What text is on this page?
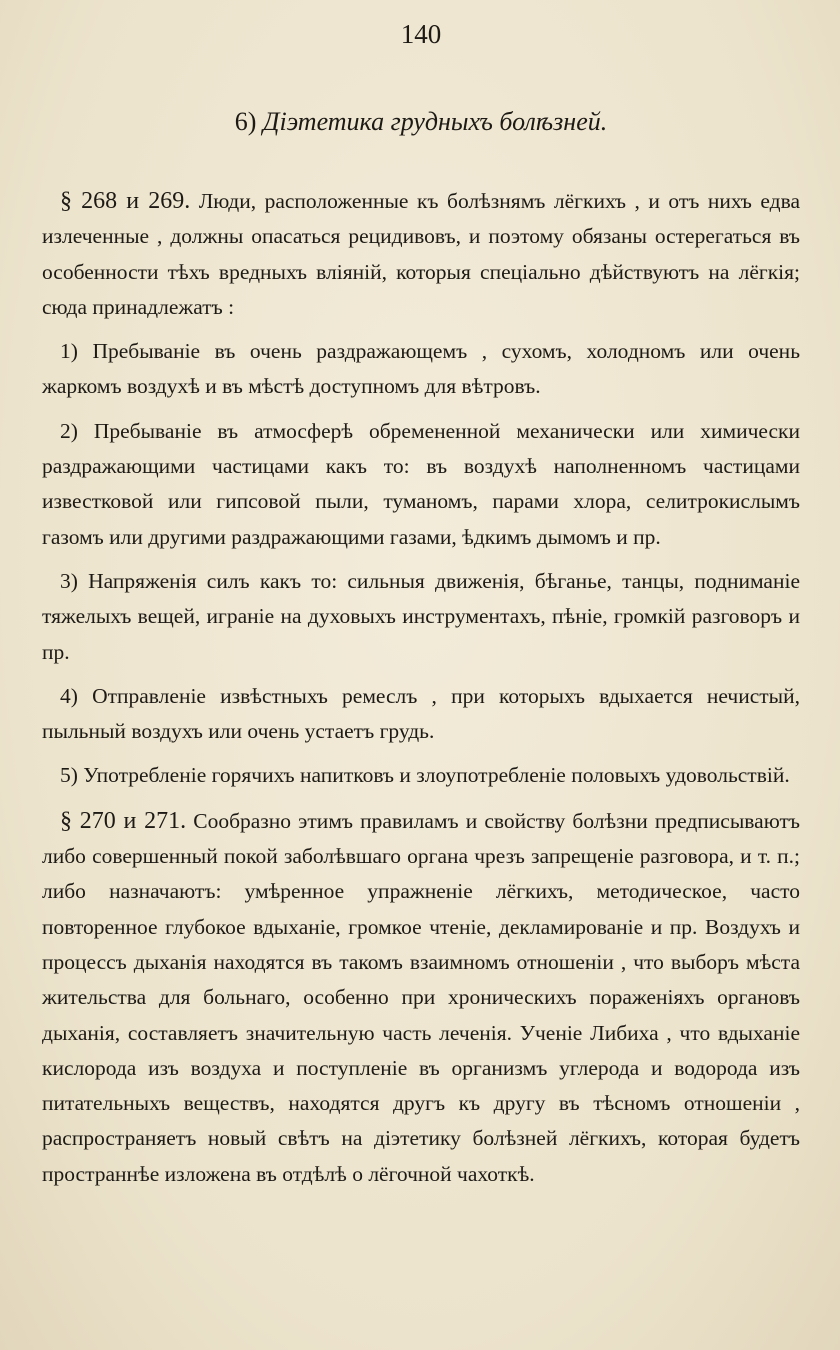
140
6) Діэтетика грудныхъ болѣзней.

§ 268 и 269. Люди, расположенные къ болѣзнямъ лёгкихъ , и отъ нихъ едва излеченные , должны опасаться рецидивовъ, и поэтому обязаны остерегаться въ особенности тѣхъ вредныхъ вліяній, которыя спеціально дѣйствуютъ на лёгкія; сюда принадлежатъ :

1) Пребываніе въ очень раздражающемъ , сухомъ, холодномъ или очень жаркомъ воздухѣ и въ мѣстѣ доступномъ для вѣтровъ.

2) Пребываніе въ атмосферѣ обремененной механически или химически раздражающими частицами какъ то: въ воздухѣ наполненномъ частицами известковой или гипсовой пыли, туманомъ, парами хлора, селитрокислымъ газомъ или другими раздражающими газами, ѣдкимъ дымомъ и пр.

3) Напряженія силъ какъ то: сильныя движенія, бѣганье, танцы, подниманіе тяжелыхъ вещей, играніе на духовыхъ инструментахъ, пѣніе, громкій разговоръ и пр.

4) Отправленіе извѣстныхъ ремеслъ , при которыхъ вдыхается нечистый, пыльный воздухъ или очень устаетъ грудь.

5) Употребленіе горячихъ напитковъ и злоупотребленіе половыхъ удовольствій.

§ 270 и 271. Сообразно этимъ правиламъ и свойству болѣзни предписываютъ либо совершенный покой заболѣвшаго органа чрезъ запрещеніе разговора, и т. п.; либо назначаютъ: умѣренное упражненіе лёгкихъ, методическое, часто повторенное глубокое вдыханіе, громкое чтеніе, декламированіе и пр. Воздухъ и процессъ дыханія находятся въ такомъ взаимномъ отношеніи , что выборъ мѣста жительства для больнаго, особенно при хроническихъ пораженіяхъ органовъ дыханія, составляетъ значительную часть леченія. Ученіе Либиха , что вдыханіе кислорода изъ воздуха и поступленіе въ организмъ углерода и водорода изъ питательныхъ веществъ, находятся другъ къ другу въ тѣсномъ отношеніи , распространяетъ новый свѣтъ на діэтетику болѣзней лёгкихъ, которая будетъ пространнѣе изложена въ отдѣлѣ о лёгочной чахоткѣ.
